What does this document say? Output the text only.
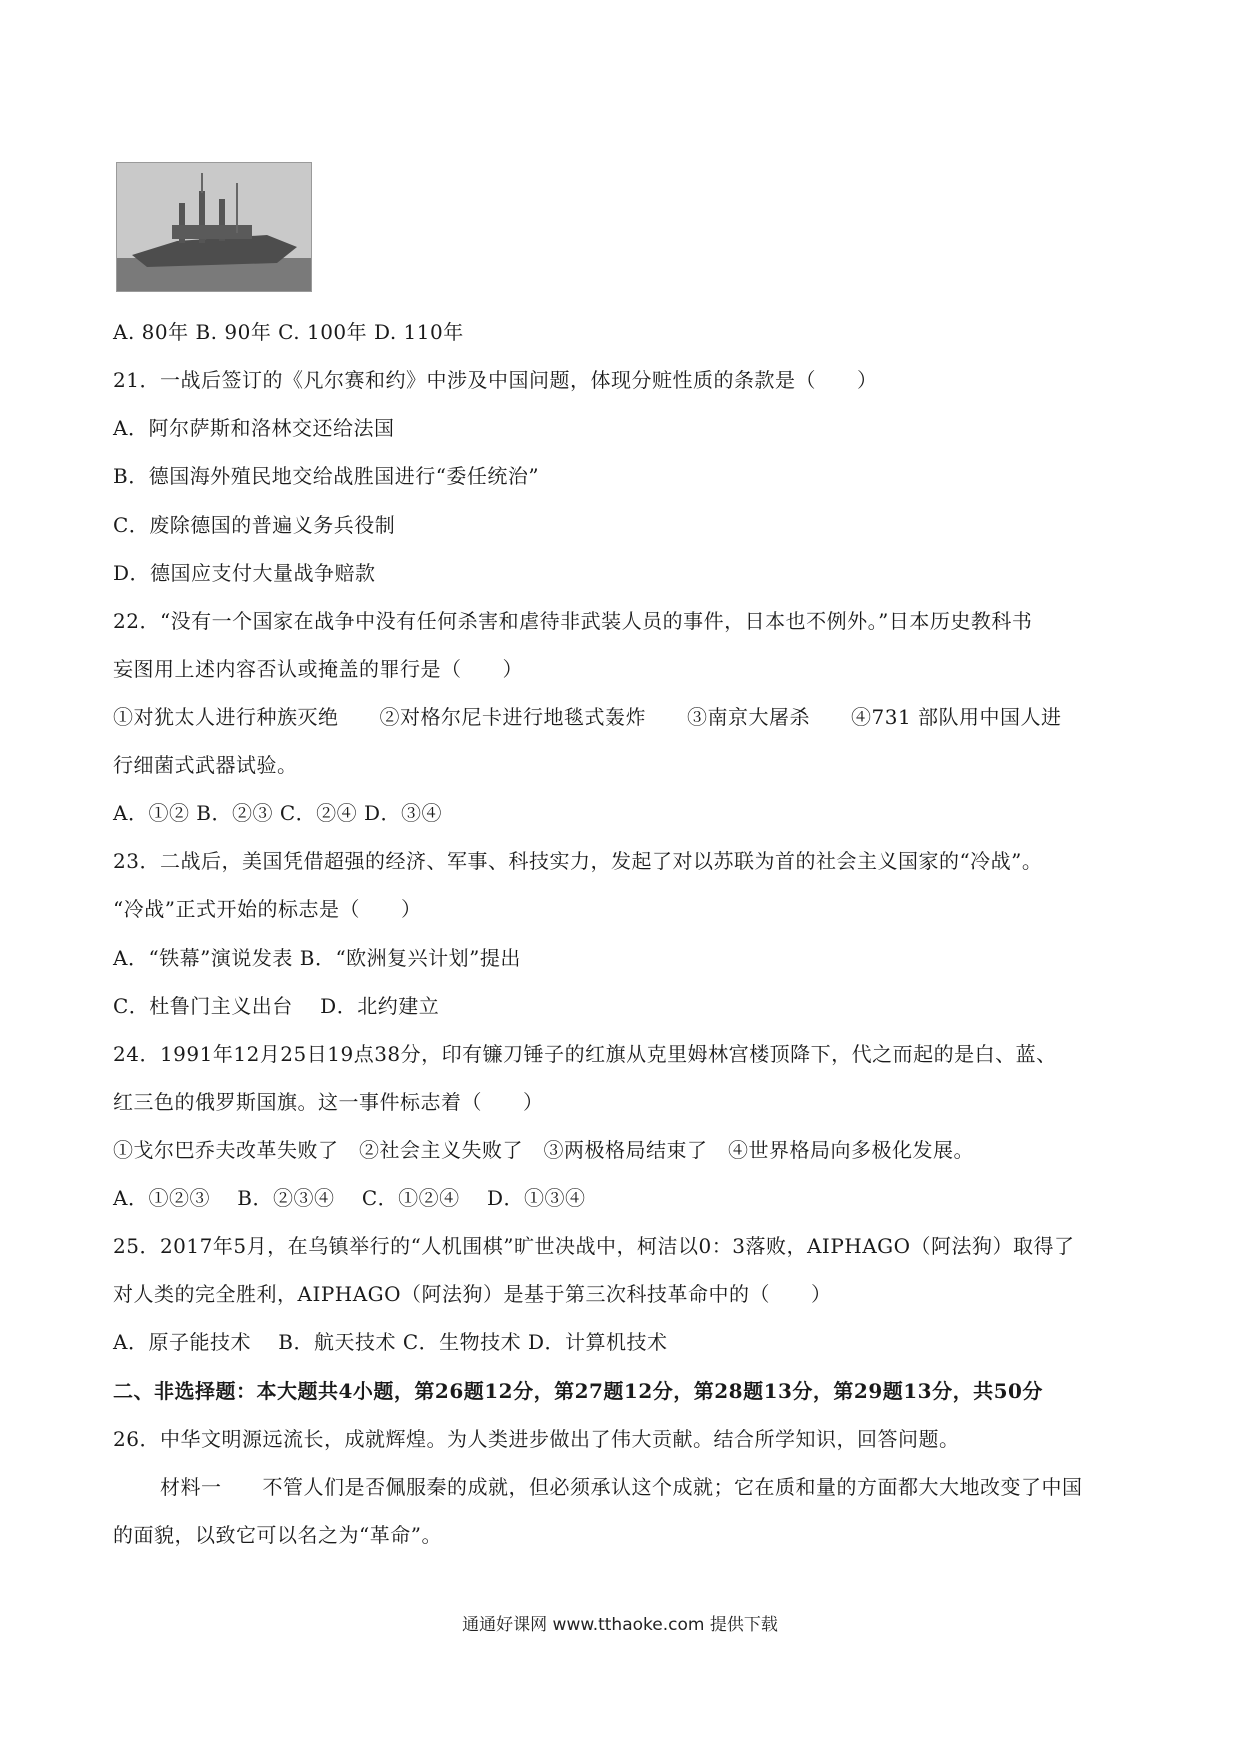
A. 80年 B. 90年 C. 100年 D. 110年
21．一战后签订的《凡尔赛和约》中涉及中国问题，体现分赃性质的条款是（　　）
A．阿尔萨斯和洛林交还给法国
B．德国海外殖民地交给战胜国进行“委任统治”
C．废除德国的普遍义务兵役制
D．德国应支付大量战争赔款
22．“没有一个国家在战争中没有任何杀害和虐待非武装人员的事件，日本也不例外。”日本历史教科书
妄图用上述内容否认或掩盖的罪行是（　　）
①对犹太人进行种族灭绝　　②对格尔尼卡进行地毯式轰炸　　③南京大屠杀　　④731 部队用中国人进
行细菌式武器试验。
A．①② B．②③ C．②④ D．③④
23．二战后，美国凭借超强的经济、军事、科技实力，发起了对以苏联为首的社会主义国家的“冷战”。
“冷战”正式开始的标志是（　　）
A．“铁幕”演说发表 B．“欧洲复兴计划”提出
C．杜鲁门主义出台　 D．北约建立
24．1991年12月25日19点38分，印有镰刀锤子的红旗从克里姆林宫楼顶降下，代之而起的是白、蓝、
红三色的俄罗斯国旗。这一事件标志着（　　）
①戈尔巴乔夫改革失败了　②社会主义失败了　③两极格局结束了　④世界格局向多极化发展。
A．①②③　 B．②③④　 C．①②④　 D．①③④
25．2017年5月，在乌镇举行的“人机围棋”旷世决战中，柯洁以0：3落败，AIPHAGO（阿法狗）取得了
对人类的完全胜利，AIPHAGO（阿法狗）是基于第三次科技革命中的（　　）
A．原子能技术　 B．航天技术 C．生物技术 D．计算机技术
二、非选择题：本大题共4小题，第26题12分，第27题12分，第28题13分，第29题13分，共50分
26．中华文明源远流长，成就辉煌。为人类进步做出了伟大贡献。结合所学知识，回答问题。
材料一　　不管人们是否佩服秦的成就，但必须承认这个成就；它在质和量的方面都大大地改变了中国
的面貌，以致它可以名之为“革命”。
通通好课网 www.tthaoke.com 提供下载
